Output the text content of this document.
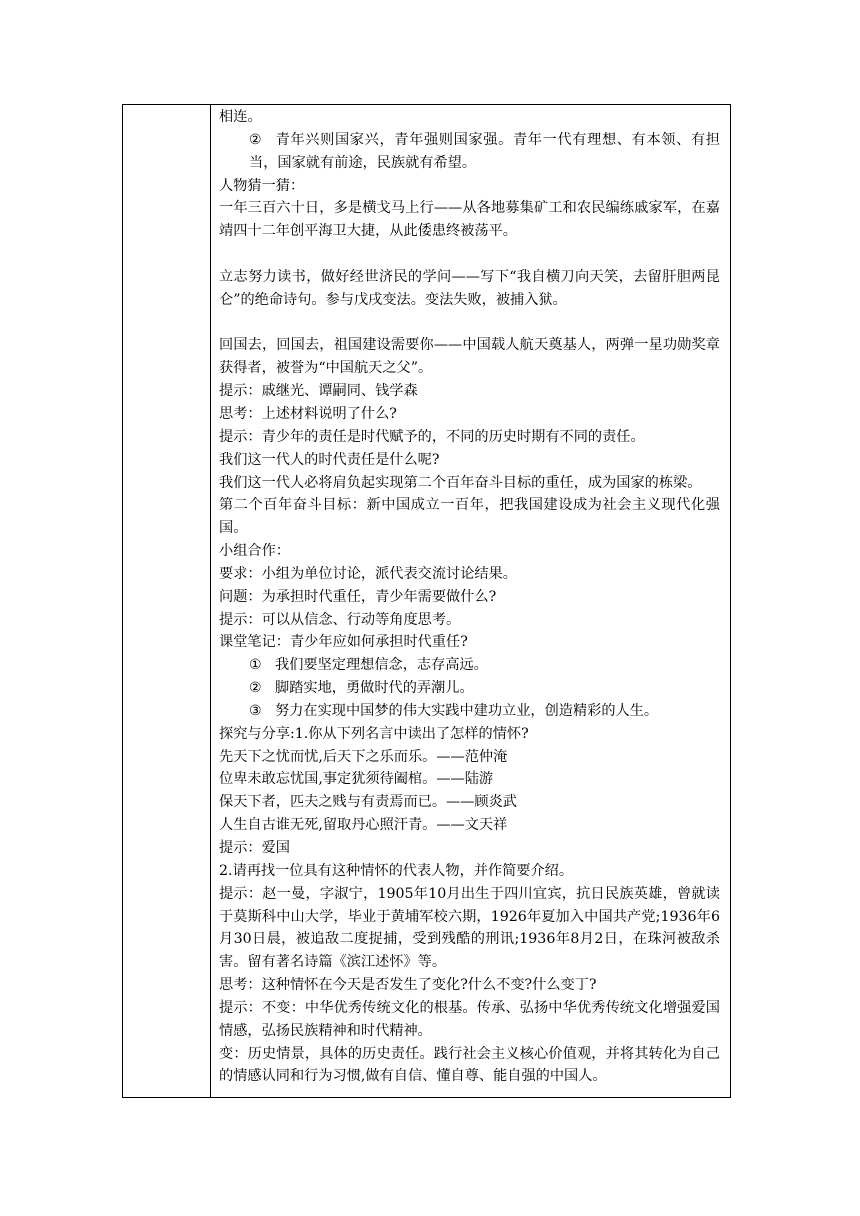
相连。

② 青年兴则国家兴，青年强则国家强。青年一代有理想、有本领、有担当，国家就有前途，民族就有希望。

人物猜一猜：

一年三百六十日，多是横戈马上行——从各地募集矿工和农民编练戚家军，在嘉靖四十二年创平海卫大捷，从此倭患终被荡平。

立志努力读书，做好经世济民的学问——写下“我自横刀向天笑，去留肝胆两昆仑”的绝命诗句。参与戊戌变法。变法失败，被捕入狱。

回国去，回国去，祖国建设需要你——中国载人航天奠基人，两弹一星功勋奖章获得者，被誉为“中国航天之父”。

提示：戚继光、谭嗣同、钱学森

思考：上述材料说明了什么?

提示：青少年的责任是时代赋予的，不同的历史时期有不同的责任。

我们这一代人的时代责任是什么呢?

我们这一代人必将肩负起实现第二个百年奋斗目标的重任，成为国家的栋梁。

第二个百年奋斗目标：新中国成立一百年，把我国建设成为社会主义现代化强国。

小组合作：

要求：小组为单位讨论，派代表交流讨论结果。

问题：为承担时代重任，青少年需要做什么?

提示：可以从信念、行动等角度思考。

课堂笔记：青少年应如何承担时代重任?

① 我们要坚定理想信念，志存高远。

② 脚踏实地，勇做时代的弄潮儿。

③ 努力在实现中国梦的伟大实践中建功立业，创造精彩的人生。

探究与分享:1.你从下列名言中读出了怎样的情怀?

先天下之忧而忧,后天下之乐而乐。——范仲淹

位卑未敢忘忧国,事定犹须待阖棺。——陆游

保天下者，匹夫之贱与有责焉而已。——顾炎武

人生自古谁无死,留取丹心照汗青。——文天祥

提示：爱国

2.请再找一位具有这种情怀的代表人物，并作简要介绍。

提示：赵一曼，字淑宁，1905年10月出生于四川宜宾，抗日民族英雄，曾就读于莫斯科中山大学，毕业于黄埔军校六期，1926年夏加入中国共产党;1936年6月30日晨，被追敌二度捉捕，受到残酷的刑讯;1936年8月2日，在珠河被敌杀害。留有著名诗篇《滨江述怀》等。

思考：这种情怀在今天是否发生了变化?什么不变?什么变丁?

提示：不变：中华优秀传统文化的根基。传承、弘扬中华优秀传统文化增强爱国情感，弘扬民族精神和时代精神。

变：历史情景，具体的历史责任。践行社会主义核心价值观，并将其转化为自己的情感认同和行为习惯,做有自信、懂自尊、能自强的中国人。
